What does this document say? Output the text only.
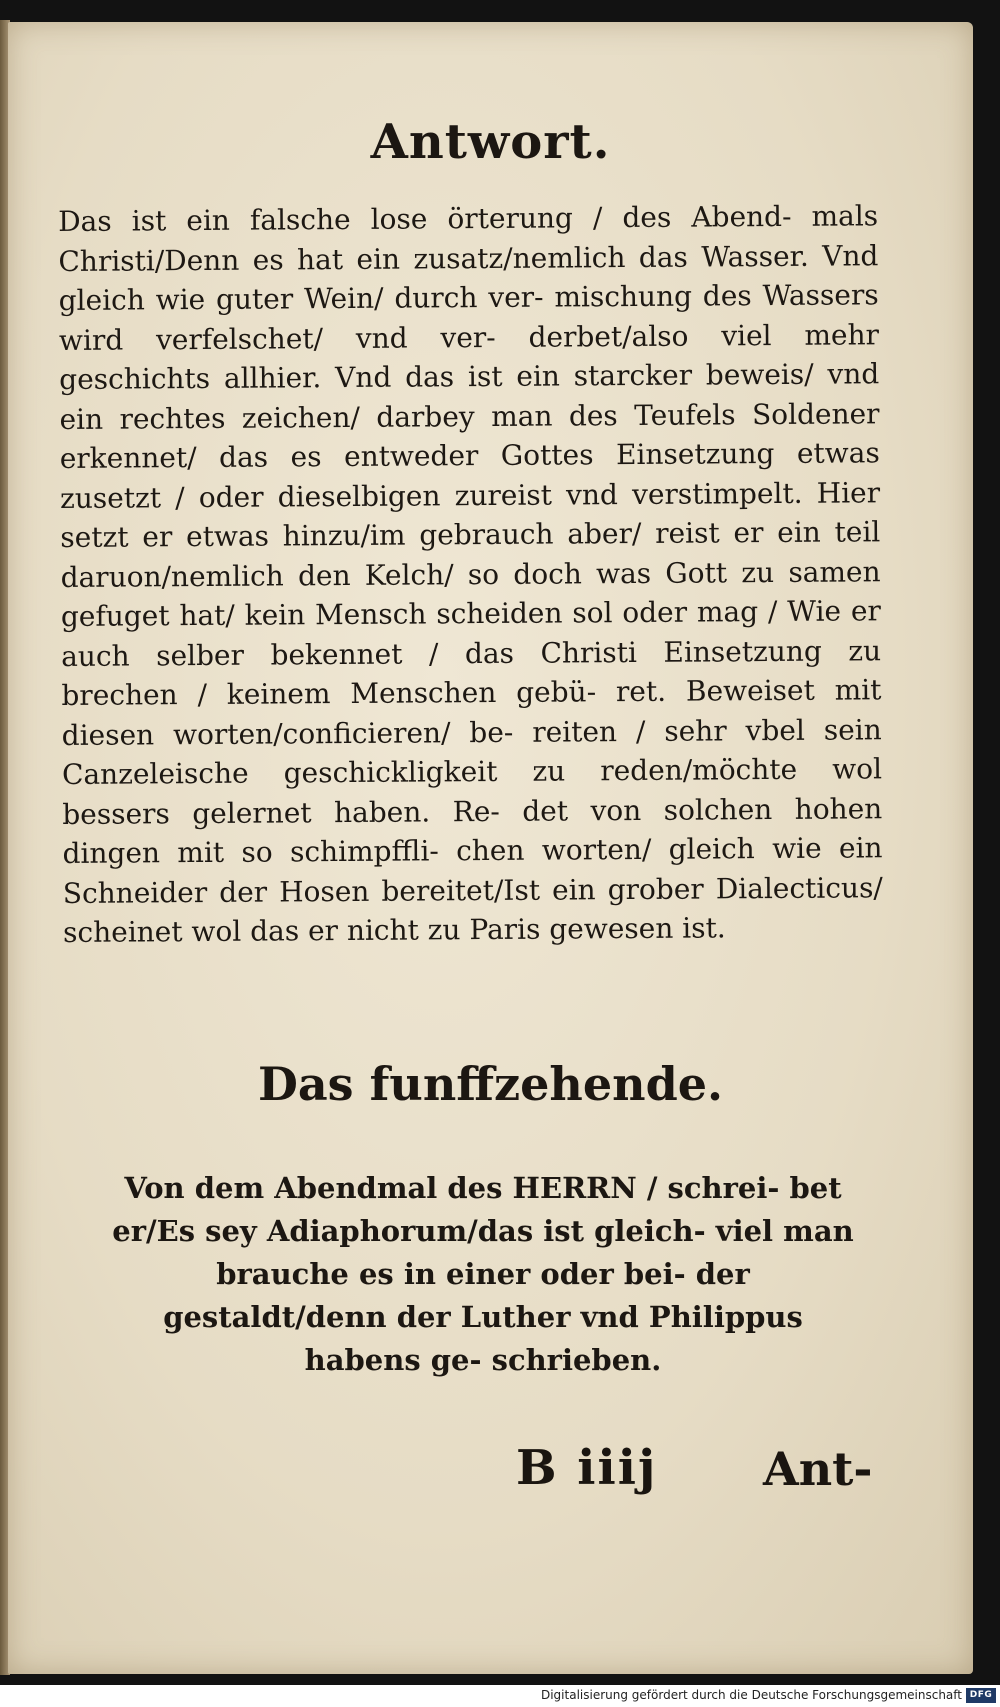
Antwort.

Das ist ein falsche lose örterung / des Abend- mals Christi/Denn es hat ein zusatz/nemlich das Wasser. Vnd gleich wie guter Wein/ durch ver- mischung des Wassers wird verfelschet/ vnd ver- derbet/also viel mehr geschichts allhier. Vnd das ist ein starcker beweis/ vnd ein rechtes zeichen/ darbey man des Teufels Soldener erkennet/ das es entweder Gottes Einsetzung etwas zusetzt / oder dieselbigen zureist vnd verstimpelt. Hier setzt er etwas hinzu/im gebrauch aber/ reist er ein teil daruon/nemlich den Kelch/ so doch was Gott zu samen gefuget hat/ kein Mensch scheiden sol oder mag / Wie er auch selber bekennet / das Christi Einsetzung zu brechen / keinem Menschen gebü- ret. Beweiset mit diesen worten/conficieren/ be- reiten / sehr vbel sein Canzeleische geschickligkeit zu reden/möchte wol bessers gelernet haben. Re- det von solchen hohen dingen mit so schimpffli- chen worten/ gleich wie ein Schneider der Hosen bereitet/Ist ein grober Dialecticus/ scheinet wol das er nicht zu Paris gewesen ist.

Das funffzehende.

Von dem Abendmal des HERRN / schrei- bet er/Es sey Adiaphorum/das ist gleich- viel man brauche es in einer oder bei- der gestaldt/denn der Luther vnd Philippus habens ge- schrieben.

B iiij Ant-
Digitalisierung gefördert durch die Deutsche Forschungsgemeinschaft DFG
